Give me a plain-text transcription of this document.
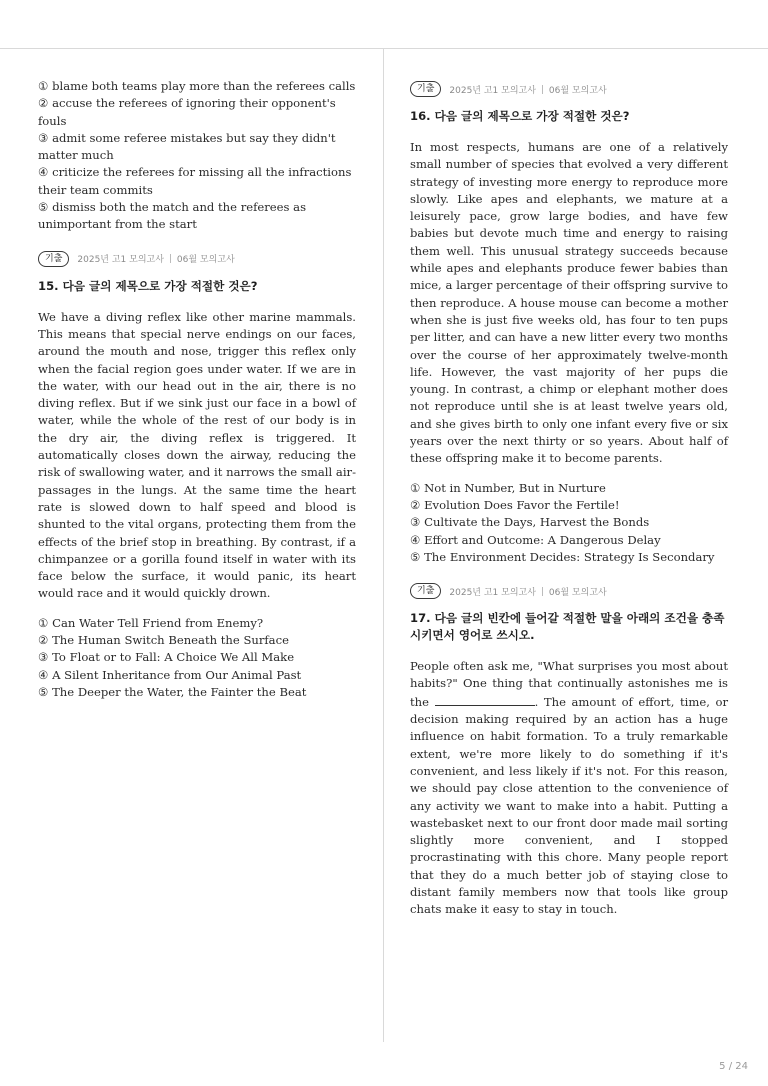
① blame both teams play more than the referees calls
② accuse the referees of ignoring their opponent's fouls
③ admit some referee mistakes but say they didn't matter much
④ criticize the referees for missing all the infractions their team commits
⑤ dismiss both the match and the referees as unimportant from the start
기출	2025년 고1 모의고사 06월 모의고사
15. 다음 글의 제목으로 가장 적절한 것은?

We have a diving reflex like other marine mammals. This means that special nerve endings on our faces, around the mouth and nose, trigger this reflex only when the facial region goes under water. If we are in the water, with our head out in the air, there is no diving reflex. But if we sink just our face in a bowl of water, while the whole of the rest of our body is in the dry air, the diving reflex is triggered. It automatically closes down the airway, reducing the risk of swallowing water, and it narrows the small air-passages in the lungs. At the same time the heart rate is slowed down to half speed and blood is shunted to the vital organs, protecting them from the effects of the brief stop in breathing. By contrast, if a chimpanzee or a gorilla found itself in water with its face below the surface, it would panic, its heart would race and it would quickly drown.

① Can Water Tell Friend from Enemy?
② The Human Switch Beneath the Surface
③ To Float or to Fall: A Choice We All Make
④ A Silent Inheritance from Our Animal Past
⑤ The Deeper the Water, the Fainter the Beat
기출	2025년 고1 모의고사 06월 모의고사
16. 다음 글의 제목으로 가장 적절한 것은?

In most respects, humans are one of a relatively small number of species that evolved a very different strategy of investing more energy to reproduce more slowly. Like apes and elephants, we mature at a leisurely pace, grow large bodies, and have few babies but devote much time and energy to raising them well. This unusual strategy succeeds because while apes and elephants produce fewer babies than mice, a larger percentage of their offspring survive to then reproduce. A house mouse can become a mother when she is just five weeks old, has four to ten pups per litter, and can have a new litter every two months over the course of her approximately twelve-month life. However, the vast majority of her pups die young. In contrast, a chimp or elephant mother does not reproduce until she is at least twelve years old, and she gives birth to only one infant every five or six years over the next thirty or so years. About half of these offspring make it to become parents.

① Not in Number, But in Nurture
② Evolution Does Favor the Fertile!
③ Cultivate the Days, Harvest the Bonds
④ Effort and Outcome: A Dangerous Delay
⑤ The Environment Decides: Strategy Is Secondary
기출	2025년 고1 모의고사 06월 모의고사
17. 다음 글의 빈칸에 들어갈 적절한 말을 아래의 조건을 충족시키면서 영어로 쓰시오.

People often ask me, "What surprises you most about habits?" One thing that continually astonishes me is the	. The amount of effort, time, or decision making required by an action has a huge influence on habit formation. To a truly remarkable extent, we're more likely to do something if it's convenient, and less likely if it's not. For this reason, we should pay close attention to the convenience of any activity we want to make into a habit. Putting a wastebasket next to our front door made mail sorting slightly more convenient, and I stopped procrastinating with this chore. Many people report that they do a much better job of staying close to distant family members now that tools like group chats make it easy to stay in touch.

5 / 24
